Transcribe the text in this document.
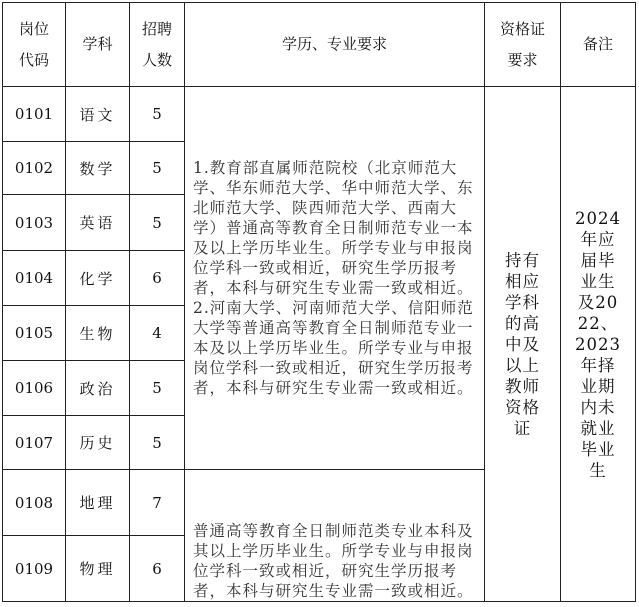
岗位代码	学科	招聘人数	学历、专业要求	资格证要求	备注
0101	语文	5	1.教育部直属师范院校（北京师范大学、华东师范大学、华中师范大学、东北师范大学、陕西师范大学、西南大学）普通高等教育全日制师范专业一本及以上学历毕业生。所学专业与申报岗位学科一致或相近，研究生学历报考者，本科与研究生专业需一致或相近。2.河南大学、河南师范大学、信阳师范大学等普通高等教育全日制师范专业一本及以上学历毕业生。所学专业与申报岗位学科一致或相近，研究生学历报考者，本科与研究生专业需一致或相近。	持有相应学科的高中及以上教师资格证	2024年应届毕业生及2022、2023年择业期内未就业毕业生
0102	数学	5			
0103	英语	5			
0104	化学	6			
0105	生物	4			
0106	政治	5			
0107	历史	5			
0108	地理	7	普通高等教育全日制师范类专业本科及其以上学历毕业生。所学专业与申报岗位学科一致或相近，研究生学历报考者，本科与研究生专业需一致或相近。		
0109	物理	6			
